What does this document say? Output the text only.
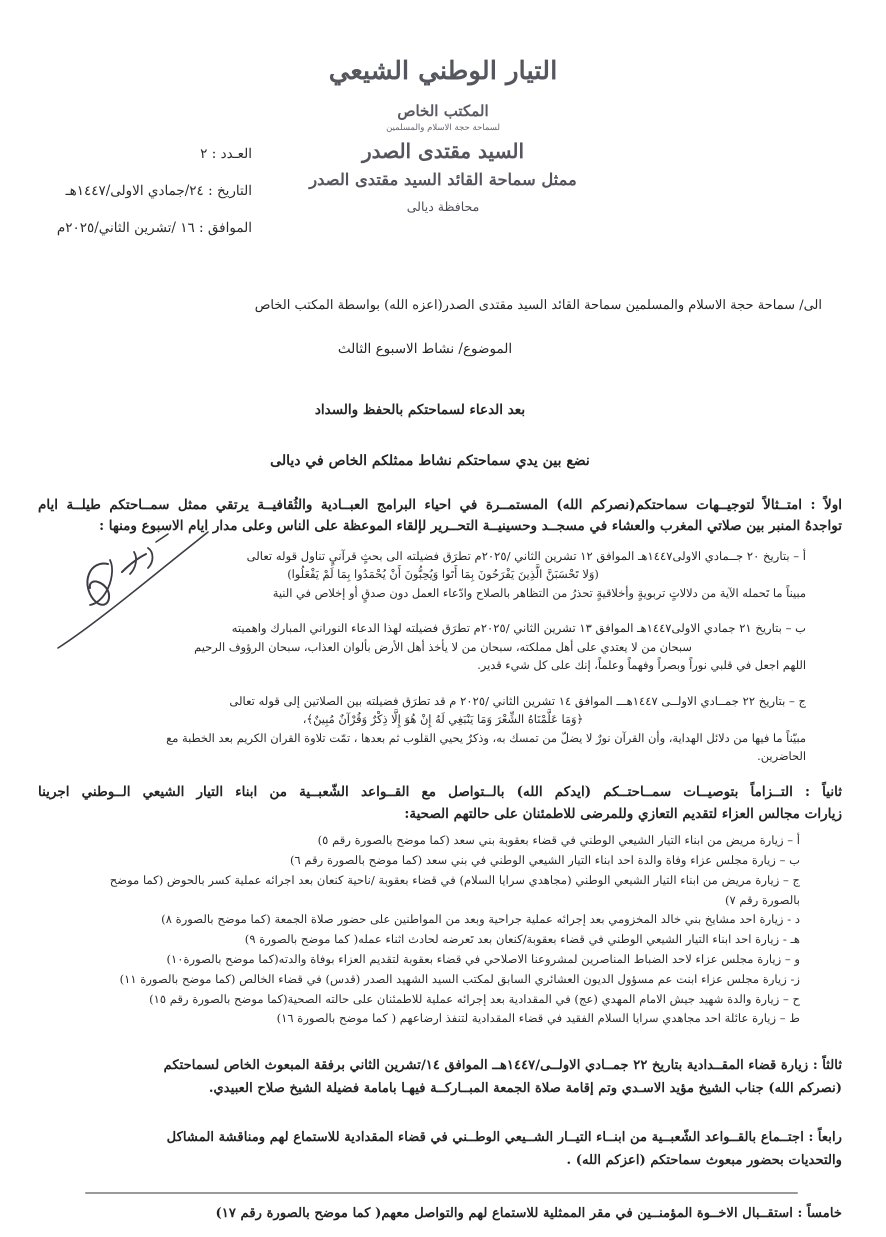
التيار الوطني الشيعي
المكتب الخاص
لسماحة حجة الاسلام والمسلمين
السيد مقتدى الصدر
ممثل سماحة القائد السيد مقتدى الصدر
محافظة ديالى
العـدد : ٢
التاريخ : ٢٤/جمادي الاولى/١٤٤٧هـ
الموافق : ١٦ /تشرين الثاني/٢٠٢٥م
الى/ سماحة حجة الاسلام والمسلمين سماحة القائد السيد مقتدى الصدر(اعزه الله) بواسطة المكتب الخاص
الموضوع/ نشاط الاسبوع الثالث
بعد الدعاء لسماحتكم بالحفظ والسداد
نضع بين يدي سماحتكم نشاط ممثلكم الخاص في ديالى
اولاً : امتــثالاً لتوجيــهات سماحتكم(نصركم الله) المستمــرة في احياء البرامج العبــادية والثُقافيــة يرتقي ممثل سمــاحتكم طيلــة ايام
تواجدهُ المنبر بين صلاتي المغرب والعشاء في مسجــد وحسينيــة التحــرير لإلقاء الموعظة على الناس وعلى مدار ايام الاسبوع ومنها :
أ – بتاريخ ٢٠ جــمادي الاولى١٤٤٧هـ الموافق ١٢ تشرين الثاني /٢٠٢٥م تطرَق فضيلته الى بحثٍ قرآنيٍ تناول قوله تعالى
(وَلا تَحْسَبَنَّ الَّذِينَ يَفْرَحُونَ بِمَا أَتَوا وَيُحِبُّونَ أَنْ يُحْمَدُوا بِمَا لَمْ يَفْعَلُوا)
مبيناً ما تَحمله الآية من دلالاتٍ تربويةٍ وأخلاقيةٍ تحذرُ من التظاهر بالصلاح وادّعاء العمل دون صدقٍ أو إخلاص في النية
ب – بتاريخ ٢١ جمادي الاولى١٤٤٧هـ الموافق ١٣ تشرين الثاني /٢٠٢٥م تطرَق فضيلته لهذا الدعاء النوراني المبارك واهميته
سبحان من لا يعتدي على أهل مملكته، سبحان من لا يأخذ أهل الأرض بألوان العذاب، سبحان الرؤوف الرحيم
اللهم اجعل في قلبي نوراً وبصراً وفهماً وعلماً، إنك على كل شيء قدير.
ج – بتاريخ ٢٢ جمــادي الاولــى ١٤٤٧هـــ الموافق ١٤ تشرين الثاني /٢٠٢٥ م قد تطرَق فضيلته بين الصلاتين إلى قوله تعالى
﴿وَمَا عَلَّمْنَاهُ الشِّعْرَ وَمَا يَنْبَغِي لَهُ إِنْ هُوَ إِلَّا ذِكْرٌ وَقُرْآنٌ مُبِينٌ﴾،
مبيّناً ما فيها من دلائل الهداية، وأن القرآن نورٌ لا يضلّ من تمسك به، وذكرٌ يحيي القلوب ثم بعدها ، تمّت تلاوة القران الكريم بعد الخطبة مع
الحاضرين.
ثانياً : التــزاماً بتوصيــات سمــاحتــكم (ايدكم الله) بالــتواصل مع القــواعد الشّعبــية من ابناء التيار الشيعي الــوطني اجرينا
زيارات مجالس العزاء لتقديم التعازي وللمرضى للاطمئنان على حالتهم الصحية:
أ – زيارة مريض من ابناء التيار الشيعي الوطني في قضاء بعقوبة بني سعد (كما موضح بالصورة رقم ٥)
ب – زيارة مجلس عزاء وفاة والدة احد ابناء التيار الشيعي الوطني في بني سعد (كما موضح بالصورة رقم ٦)
ج – زيارة مريض من ابناء التيار الشيعي الوطني (مجاهدي سرايا السلام) في قضاء بعقوبة /ناحية كنعان بعد اجرائه عملية كسر بالحوض (كما موضح
بالصورة رقم ٧)
د - زيارة احد مشايخ بني خالد المخزومي بعد إجرائه عملية جراحية وبعد من المواطنين على حضور صلاة الجمعة (كما موضح بالصورة ٨)
هـ - زيارة احد ابناء التيار الشيعي الوطني في قضاء بعقوبة/كنعان بعد تَعرضه لحادث اثناء عمله( كما موضح بالصورة ٩)
و – زيارة مجلس عزاء لاحد الضباط المناصرين لمشروعنا الاصلاحي في قضاء بعقوبة لتقديم العزاء بوفاة والدته(كما موضح بالصورة١٠)
ز- زيارة مجلس عزاء ابنت عم مسؤول الديون العشائري السابق لمكتب السيد الشهيد الصدر (قدس) في قضاء الخالص (كما موضح بالصورة ١١)
ح – زيارة والدة شهيد جيش الامام المهدي (عج) في المقدادية بعد إجرائه عملية للاطمئنان على حالته الصحية(كما موضح بالصورة رقم ١٥)
ط – زيارة عائلة احد مجاهدي سرايا السلام الفقيد في قضاء المقدادية لتنفذ ارضاعهم ( كما موضح بالصورة ١٦)
ثالثاً : زيارة قضاء المقــدادية بتاريخ ٢٢ جمــادي الاولــى/١٤٤٧هــ الموافق ١٤/تشرين الثاني برفقة المبعوث الخاص لسماحتكم
(نصركم الله) جناب الشيخ مؤيد الاسـدي وتم إقامة صلاة الجمعة المبــاركــة فيهـا بامامة فضيلة الشيخ صلاح العبيدي.
رابعاً : اجتــماع بالقــواعد الشّعبــية من ابنــاء التيــار الشــيعي الوطــني في قضاء المقدادية للاستماع لهم ومناقشة المشاكل
والتحديات بحضور مبعوث سماحتكم (اعزكم الله) .
خامساً : استقــبال الاخــوة المؤمنــين في مقر الممثلية للاستماع لهم والتواصل معهم( كما موضح بالصورة رقم ١٧)
